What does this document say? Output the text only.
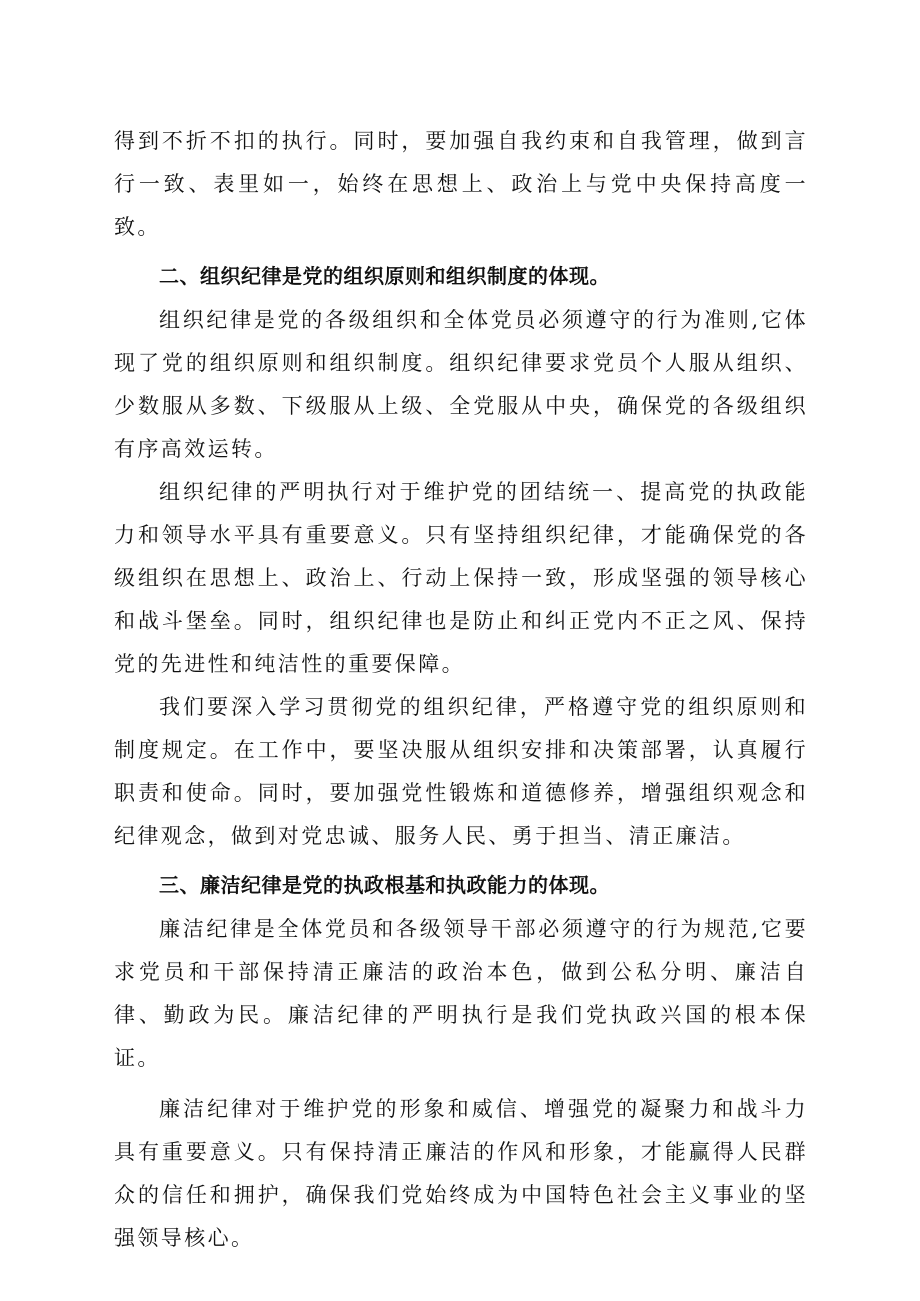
得到不折不扣的执行。同时，要加强自我约束和自我管理，做到言行一致、表里如一，始终在思想上、政治上与党中央保持高度一致。

二、组织纪律是党的组织原则和组织制度的体现。

组织纪律是党的各级组织和全体党员必须遵守的行为准则,它体现了党的组织原则和组织制度。组织纪律要求党员个人服从组织、少数服从多数、下级服从上级、全党服从中央，确保党的各级组织有序高效运转。

组织纪律的严明执行对于维护党的团结统一、提高党的执政能力和领导水平具有重要意义。只有坚持组织纪律，才能确保党的各级组织在思想上、政治上、行动上保持一致，形成坚强的领导核心和战斗堡垒。同时，组织纪律也是防止和纠正党内不正之风、保持党的先进性和纯洁性的重要保障。

我们要深入学习贯彻党的组织纪律，严格遵守党的组织原则和制度规定。在工作中，要坚决服从组织安排和决策部署，认真履行职责和使命。同时，要加强党性锻炼和道德修养，增强组织观念和纪律观念，做到对党忠诚、服务人民、勇于担当、清正廉洁。

三、廉洁纪律是党的执政根基和执政能力的体现。

廉洁纪律是全体党员和各级领导干部必须遵守的行为规范,它要求党员和干部保持清正廉洁的政治本色，做到公私分明、廉洁自律、勤政为民。廉洁纪律的严明执行是我们党执政兴国的根本保证。

廉洁纪律对于维护党的形象和威信、增强党的凝聚力和战斗力具有重要意义。只有保持清正廉洁的作风和形象，才能赢得人民群众的信任和拥护，确保我们党始终成为中国特色社会主义事业的坚强领导核心。
